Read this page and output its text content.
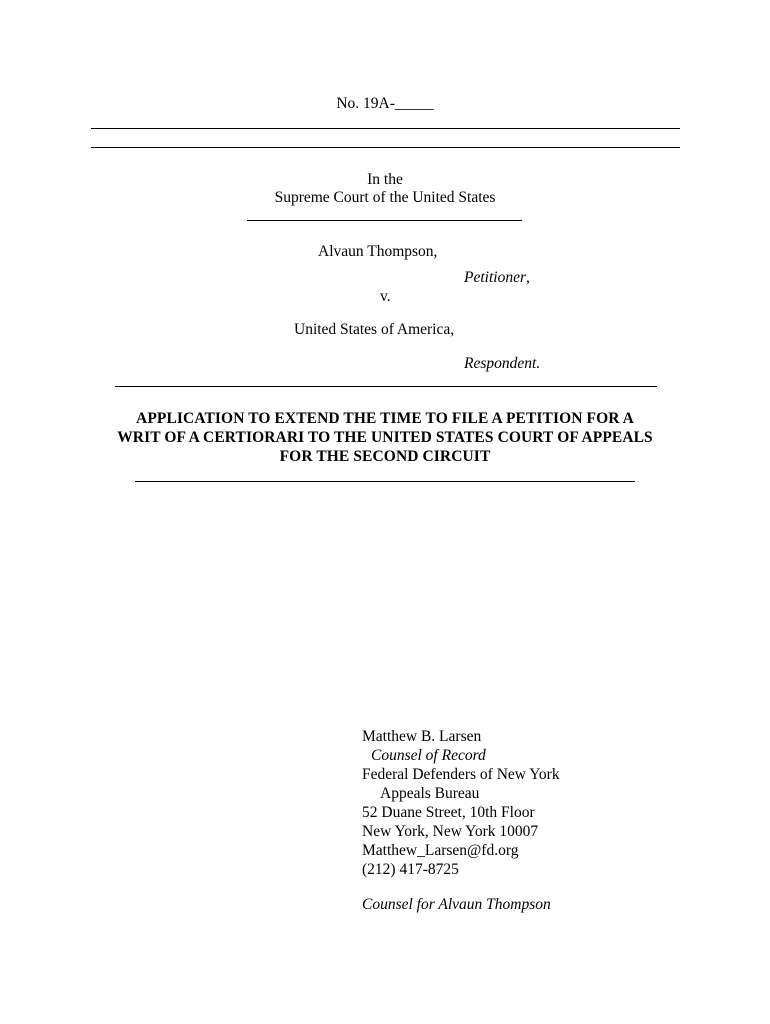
No. 19A-_____
In the
Supreme Court of the United States
Alvaun Thompson,
Petitioner,
v.
United States of America,
Respondent.
APPLICATION TO EXTEND THE TIME TO FILE A PETITION FOR A
WRIT OF A CERTIORARI TO THE UNITED STATES COURT OF APPEALS
FOR THE SECOND CIRCUIT
Matthew B. Larsen
Counsel of Record
Federal Defenders of New York
Appeals Bureau
52 Duane Street, 10th Floor
New York, New York 10007
Matthew_Larsen@fd.org
(212) 417-8725
Counsel for Alvaun Thompson
